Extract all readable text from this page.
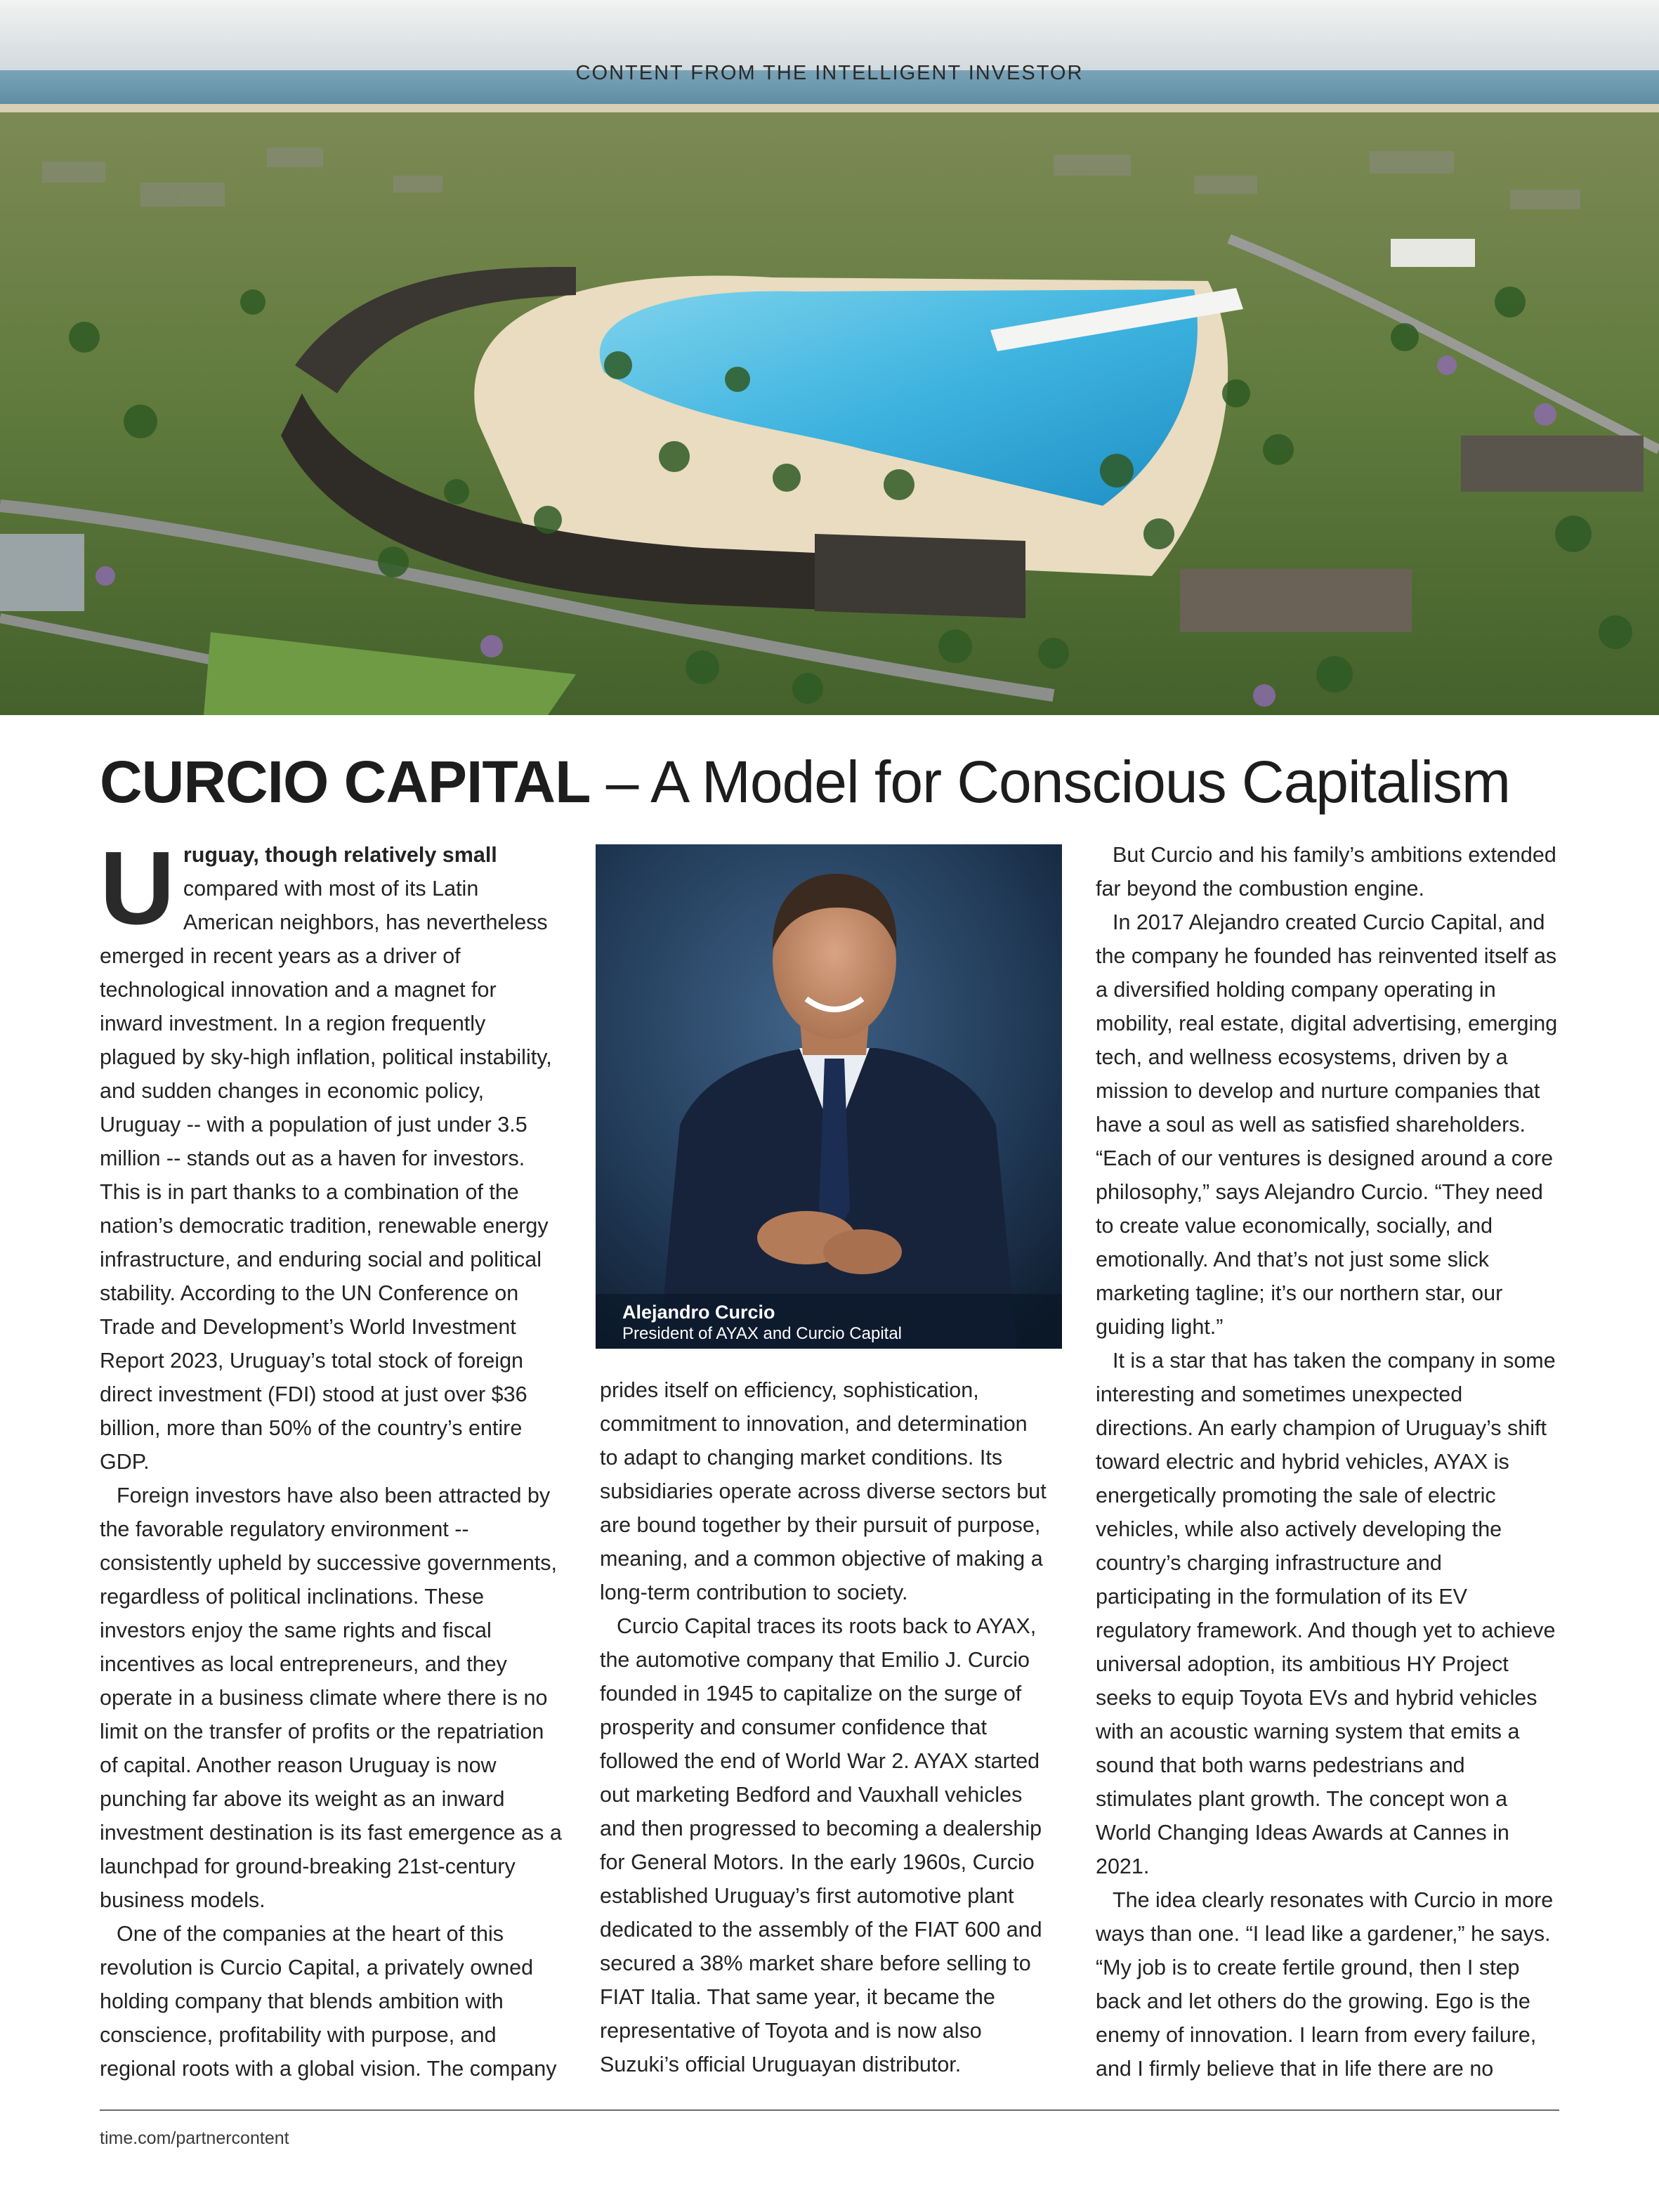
CONTENT FROM THE INTELLIGENT INVESTOR
CURCIO CAPITAL – A Model for Conscious Capitalism

Uruguay, though relatively small compared with most of its Latin American neighbors, has nevertheless emerged in recent years as a driver of technological innovation and a magnet for inward investment. In a region frequently plagued by sky-high inflation, political instability, and sudden changes in economic policy, Uruguay -- with a population of just under 3.5 million -- stands out as a haven for investors. This is in part thanks to a combination of the nation’s democratic tradition, renewable energy infrastructure, and enduring social and political stability. According to the UN Conference on Trade and Development’s World Investment Report 2023, Uruguay’s total stock of foreign direct investment (FDI) stood at just over $36 billion, more than 50% of the country’s entire GDP.

Foreign investors have also been attracted by the favorable regulatory environment -- consistently upheld by successive governments, regardless of political inclinations. These investors enjoy the same rights and fiscal incentives as local entrepreneurs, and they operate in a business climate where there is no limit on the transfer of profits or the repatriation of capital. Another reason Uruguay is now punching far above its weight as an inward investment destination is its fast emergence as a launchpad for ground-breaking 21st-century business models.

One of the companies at the heart of this revolution is Curcio Capital, a privately owned holding company that blends ambition with conscience, profitability with purpose, and regional roots with a global vision. The company

Alejandro Curcio
President of AYAX and Curcio Capital

prides itself on efficiency, sophistication, commitment to innovation, and determination to adapt to changing market conditions. Its subsidiaries operate across diverse sectors but are bound together by their pursuit of purpose, meaning, and a common objective of making a long-term contribution to society.

Curcio Capital traces its roots back to AYAX, the automotive company that Emilio J. Curcio founded in 1945 to capitalize on the surge of prosperity and consumer confidence that followed the end of World War 2. AYAX started out marketing Bedford and Vauxhall vehicles and then progressed to becoming a dealership for General Motors. In the early 1960s, Curcio established Uruguay’s first automotive plant dedicated to the assembly of the FIAT 600 and secured a 38% market share before selling to FIAT Italia. That same year, it became the representative of Toyota and is now also Suzuki’s official Uruguayan distributor.

But Curcio and his family’s ambitions extended far beyond the combustion engine.

In 2017 Alejandro created Curcio Capital, and the company he founded has reinvented itself as a diversified holding company operating in mobility, real estate, digital advertising, emerging tech, and wellness ecosystems, driven by a mission to develop and nurture companies that have a soul as well as satisfied shareholders. “Each of our ventures is designed around a core philosophy,” says Alejandro Curcio. “They need to create value economically, socially, and emotionally. And that’s not just some slick marketing tagline; it’s our northern star, our guiding light.”

It is a star that has taken the company in some interesting and sometimes unexpected directions. An early champion of Uruguay’s shift toward electric and hybrid vehicles, AYAX is energetically promoting the sale of electric vehicles, while also actively developing the country’s charging infrastructure and participating in the formulation of its EV regulatory framework. And though yet to achieve universal adoption, its ambitious HY Project seeks to equip Toyota EVs and hybrid vehicles with an acoustic warning system that emits a sound that both warns pedestrians and stimulates plant growth. The concept won a World Changing Ideas Awards at Cannes in 2021.

The idea clearly resonates with Curcio in more ways than one. “I lead like a gardener,” he says. “My job is to create fertile ground, then I step back and let others do the growing. Ego is the enemy of innovation. I learn from every failure, and I firmly believe that in life there are no

time.com/partnercontent
